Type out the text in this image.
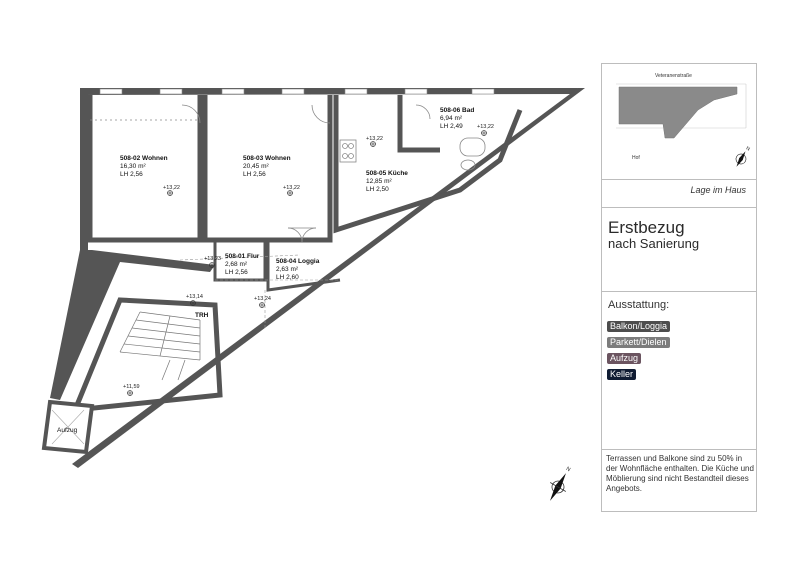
508-02 Wohnen
16,30 m²
LH 2,56
+13,22
508-03 Wohnen
20,45 m²
LH 2,56
+13,22
508-05 Küche
12,85 m²
LH 2,50
+13,22
508-06 Bad
6,94 m²
LH 2,49	+13,22
508-01 Flur
2,68 m²
LH 2,56
+13,23	508-04 Loggia
2,63 m²
LH 2,60
+13,24
TRH
+13,14
+11,59
Aufzug
N
Veteranenstraße
Hof
N
Lage im Haus
Erstbezug
nach Sanierung
Ausstattung:
Balkon/Loggia
Parkett/Dielen
Aufzug
Keller
Terrassen und Balkone sind zu 50% in der Wohnfläche enthalten. Die Küche und Möblierung sind nicht Bestandteil dieses Angebots.
